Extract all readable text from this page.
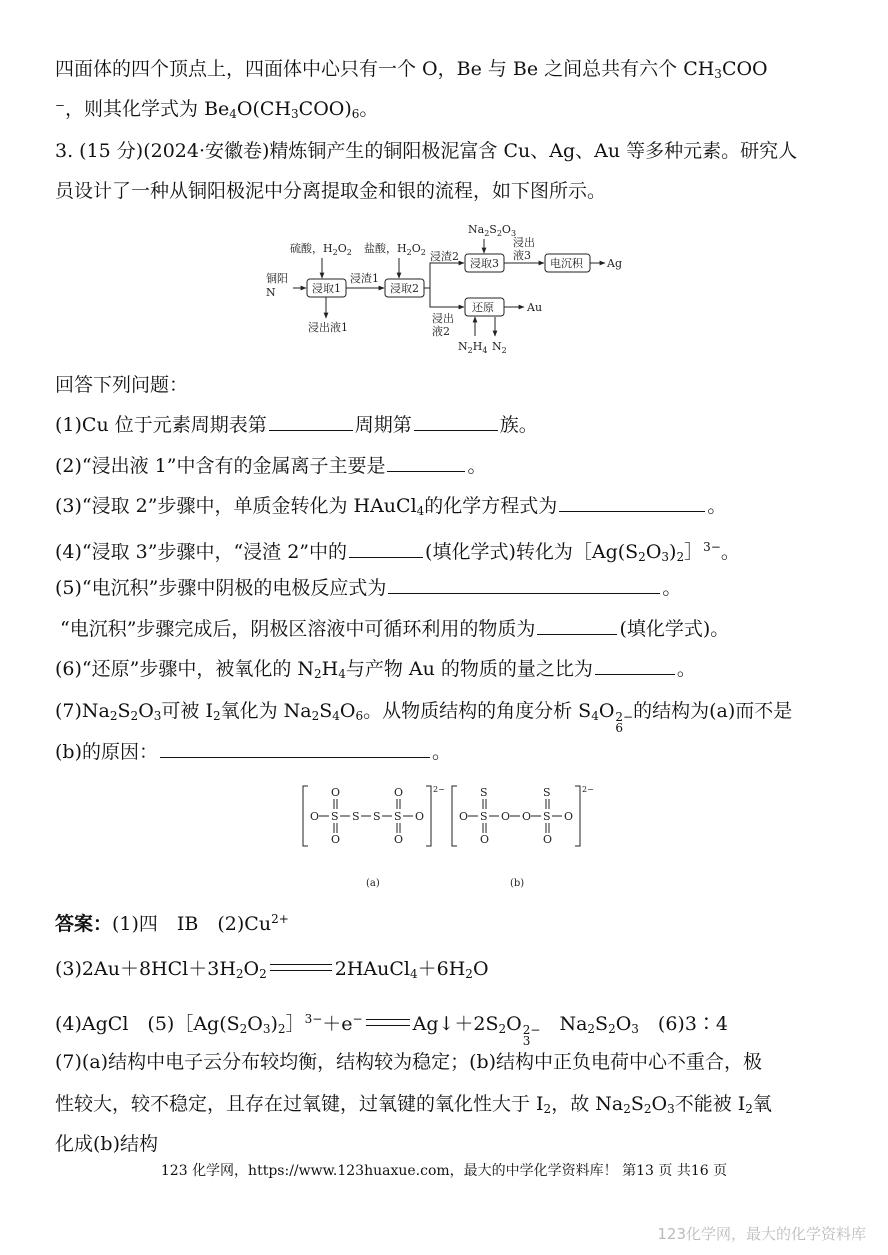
四面体的四个顶点上，四面体中心只有一个 O，Be 与 Be 之间总共有六个 $CH_3COO$
⁻，则其化学式为 $Be_4O(CH_3COO)_6$。
3. (15 分)(2024·安徽卷)精炼铜产生的铜阳极泥富含 Cu、Ag、Au 等多种元素。研究人
员设计了一种从铜阳极泥中分离提取金和银的流程，如下图所示。
铜阳
N
硫酸，$H_2O_2$
浸取1
浸出液1
浸渣1
盐酸，$H_2O_2$
浸取2
浸渣2
浸出
液2
$Na_2S_2O_3$
浸取3
浸出
液3
电沉积 Ag
还原	Au
$N_2H_4$ $N_2$
回答下列问题：
(1)Cu 位于元素周期表第	周期第	族。
(2)“浸出液 1”中含有的金属离子主要是	。
(3)“浸取 2”步骤中，单质金转化为 HAuCl$_4$的化学方程式为	。
(4)“浸取 3”步骤中，“浸渣 2”中的	(填化学式)转化为$[Ag(S_2O_3)_2]^{3-}$。
(5)“电沉积”步骤中阴极的电极反应式为	。
“电沉积”步骤完成后，阴极区溶液中可循环利用的物质为	(填化学式)。
(6)“还原”步骤中，被氧化的 $N_2H_4$与产物 Au 的物质的量之比为	。
$(7)Na_2S_2O_3$可被 $I_2$氧化为 $Na_2S_4O_6$。从物质结构的角度分析 $S_4O$ 2−
6
的结构为(a)而不是
(b)的原因：	。
2−
O S
O
O
S S S
O
O
O
(a)
2−
O S
S
O
O O S
S
O
O
(b)
答案：(1)四　IB　$(2)Cu^{2+}$
$(3)2Au+8HCl+3H_2O_2$	$2HAuCl_4+6H_2O$
(4)AgCl　$(5)[Ag(S_2O_3)_2]^{3-}+e^-$	$Ag↓+2S_2O$ 2−
3
　$Na_2S_2O_3$　(6)3∶4
(7)(a)结构中电子云分布较均衡，结构较为稳定；(b)结构中正负电荷中心不重合，极
性较大，较不稳定，且存在过氧键，过氧键的氧化性大于 $I_2$，故 $Na_2S_2O_3$不能被 $I_2$氧
化成(b)结构
123 化学网，https://www.123huaxue.com，最大的中学化学资料库！ 第13 页 共16 页
123化学网，最大的化学资料库
